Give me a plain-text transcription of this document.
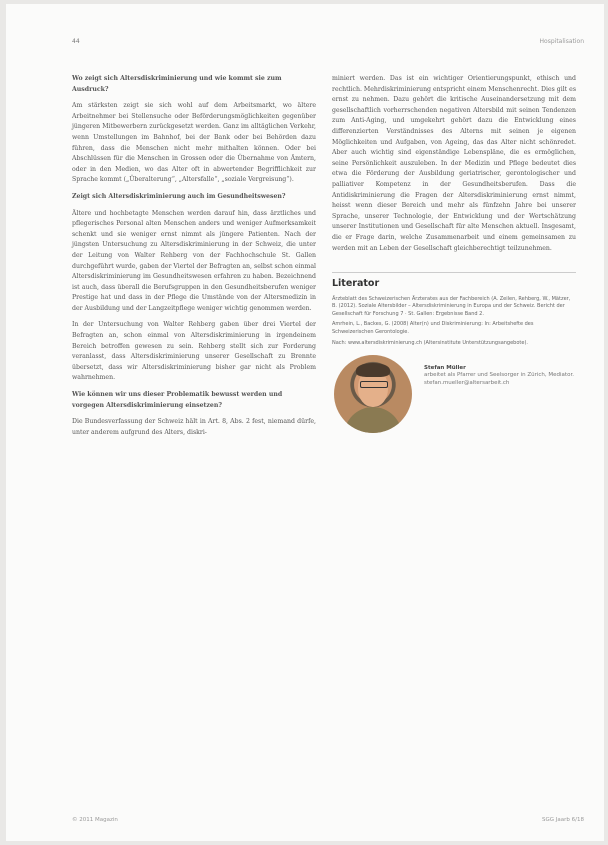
44	Hospitalisation
Wo zeigt sich Altersdiskriminierung und wie kommt sie zum Ausdruck?
Am stärksten zeigt sie sich wohl auf dem Arbeitsmarkt, wo ältere Arbeitnehmer bei Stellensuche oder Beförderungsmöglichkeiten gegenüber jüngeren Mitbewerbern zurückgesetzt werden. Ganz im alltäglichen Verkehr, wenn Umstellungen im Bahnhof, bei der Bank oder bei Behörden dazu führen, dass die Menschen nicht mehr mithalten können. Oder bei Abschlüssen für die Menschen in Grossen oder die Übernahme von Ämtern, oder in den Medien, wo das Alter oft in abwertender Begrifflichkeit zur Sprache kommt („Überalterung“, „Altersfalle“, „soziale Vergreisung“).
Zeigt sich Altersdiskriminierung auch im Gesundheitswesen?
Ältere und hochbetagte Menschen werden darauf hin, dass ärztliches und pflegerisches Personal alten Menschen anders und weniger Aufmerksamkeit schenkt und sie weniger ernst nimmt als jüngere Patienten. Nach der jüngsten Untersuchung zu Altersdiskriminierung in der Schweiz, die unter der Leitung von Walter Rehberg von der Fachhochschule St. Gallen durchgeführt wurde, gaben der Viertel der Befragten an, selbst schon einmal Altersdiskriminierung im Gesundheitswesen erfahren zu haben. Bezeichnend ist auch, dass überall die Berufsgruppen in den Gesundheitsberufen weniger Prestige hat und dass in der Pflege die Umstände von der Altersmedizin in der Ausbildung und der Langzeitpflege weniger wichtig genommen werden.
In der Untersuchung von Walter Rehberg gaben über drei Viertel der Befragten an, schon einmal von Altersdiskriminierung in irgendeinem Bereich betroffen gewesen zu sein. Rehberg stellt sich zur Forderung veranlasst, dass Altersdiskriminierung unserer Gesellschaft zu Brennte übersetzt, dass wir Altersdiskriminierung bisher gar nicht als Problem wahrnehmen.
Wie können wir uns dieser Problematik bewusst werden und vorgegen Altersdiskriminierung einsetzen?
Die Bundesverfassung der Schweiz hält in Art. 8, Abs. 2 fest, niemand dürfe, unter anderem aufgrund des Alters, diskri-
miniert werden. Das ist ein wichtiger Orientierungspunkt, ethisch und rechtlich. Mehrdiskriminierung entspricht einem Menschenrecht. Dies gilt es ernst zu nehmen. Dazu gehört die kritische Auseinandersetzung mit dem gesellschaftlich vorherrschenden negativen Altersbild mit seinen Tendenzen zum Anti-Aging, und umgekehrt gehört dazu die Entwicklung eines differenzierten Verständnisses des Alterns mit seinen je eigenen Möglichkeiten und Aufgaben, von Ageing, das das Alter nicht schönredet. Aber auch wichtig sind eigenständige Lebenspläne, die es ermöglichen, seine Persönlichkeit auszuleben. In der Medizin und Pflege bedeutet dies etwa die Förderung der Ausbildung geriatrischer, gerontologischer und palliativer Kompetenz in der Gesundheitsberufen. Dass die Antidiskriminierung die Fragen der Altersdiskriminierung ernst nimmt, heisst wenn dieser Bereich und mehr als fünfzehn Jahre bei unserer Sprache, unserer Technologie, der Entwicklung und der Wertschätzung unserer Institutionen und Gesellschaft für alte Menschen aktuell. Insgesamt, die er Frage darin, welche Zusammenarbeit und einem gemeinsamen zu werden mit an Leben der Gesellschaft gleichberechtigt teilzunehmen.
Literator
Ärzteblatt des Schweizerischen Ärzterates aus der Fachbereich (A. Zeilen, Rehberg, W., Mätzer, B. (2012). Soziale Altersbilder – Altersdiskriminierung in Europa und der Schweiz. Bericht der Gesellschaft für Forschung 7 · St. Gallen: Ergebnisse Band 2.
Amrhein, L., Backes, G. (2008) Alter(n) und Diskriminierung: In: Arbeitshefte des Schweizerischen Gerontologie.
Nach: www.altersdiskriminierung.ch (Altersinstitute Unterstützungsangebote).
Stefan Müller
arbeitet als Pfarrer und Seelsorger in Zürich, Mediator. stefan.mueller@altersarbeit.ch
© 2011 Magazin	SGG Jaarb 6/18
